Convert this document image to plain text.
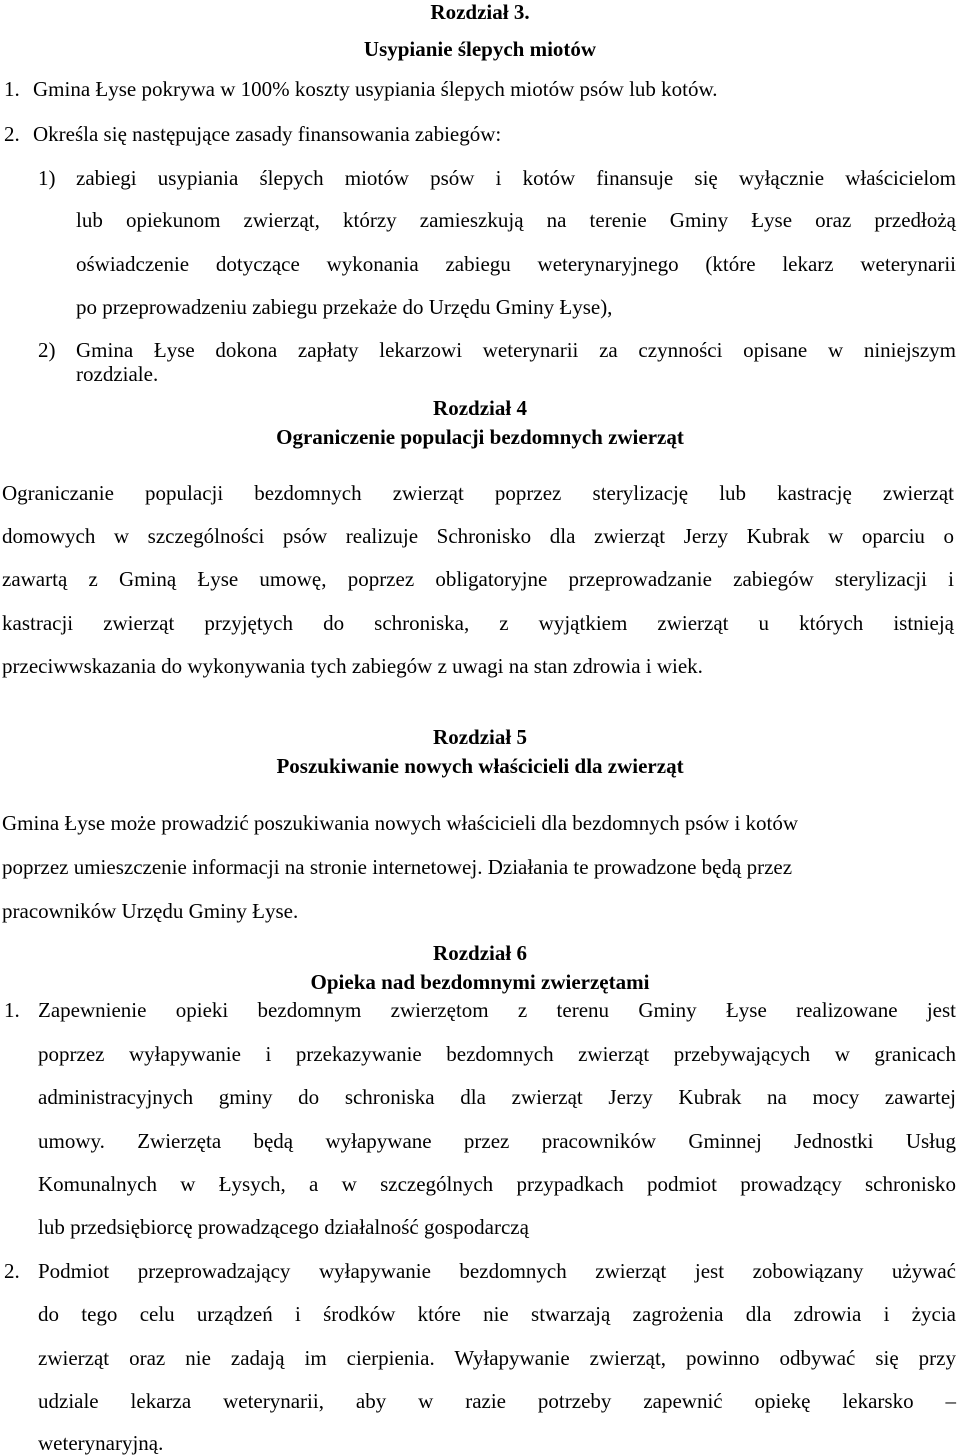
Rozdział 3.
Usypianie ślepych miotów
1. Gmina Łyse pokrywa w 100% koszty usypiania ślepych miotów psów lub kotów.
2. Określa się następujące zasady finansowania zabiegów:
1) zabiegi usypiania ślepych miotów psów i kotów finansuje się wyłącznie właścicielom
lub opiekunom zwierząt, którzy zamieszkują na terenie Gminy Łyse oraz przedłożą
oświadczenie dotyczące wykonania zabiegu weterynaryjnego (które lekarz weterynarii
po przeprowadzeniu zabiegu przekaże do Urzędu Gminy Łyse),
2) Gmina Łyse dokona zapłaty lekarzowi weterynarii za czynności opisane w niniejszym
rozdziale.
Rozdział 4
Ograniczenie populacji bezdomnych zwierząt
Ograniczanie populacji bezdomnych zwierząt poprzez sterylizację lub kastrację zwierząt
domowych w szczególności psów realizuje Schronisko dla zwierząt Jerzy Kubrak w oparciu o
zawartą z Gminą Łyse umowę, poprzez obligatoryjne przeprowadzanie zabiegów sterylizacji i
kastracji zwierząt przyjętych do schroniska, z wyjątkiem zwierząt u których istnieją
przeciwwskazania do wykonywania tych zabiegów z uwagi na stan zdrowia i wiek.
Rozdział 5
Poszukiwanie nowych właścicieli dla zwierząt
Gmina Łyse może prowadzić poszukiwania nowych właścicieli dla bezdomnych psów i kotów
poprzez umieszczenie informacji na stronie internetowej. Działania te prowadzone będą przez
pracowników Urzędu Gminy Łyse.
Rozdział 6
Opieka nad bezdomnymi zwierzętami
1. Zapewnienie opieki bezdomnym zwierzętom z terenu Gminy Łyse realizowane jest
poprzez wyłapywanie i przekazywanie bezdomnych zwierząt przebywających w granicach
administracyjnych gminy do schroniska dla zwierząt Jerzy Kubrak na mocy zawartej
umowy. Zwierzęta będą wyłapywane przez pracowników Gminnej Jednostki Usług
Komunalnych w Łysych, a w szczególnych przypadkach podmiot prowadzący schronisko
lub przedsiębiorcę prowadzącego działalność gospodarczą
2. Podmiot przeprowadzający wyłapywanie bezdomnych zwierząt jest zobowiązany używać
do tego celu urządzeń i środków które nie stwarzają zagrożenia dla zdrowia i życia
zwierząt oraz nie zadają im cierpienia. Wyłapywanie zwierząt, powinno odbywać się przy
udziale lekarza weterynarii, aby w razie potrzeby zapewnić opiekę lekarsko –
weterynaryjną.
